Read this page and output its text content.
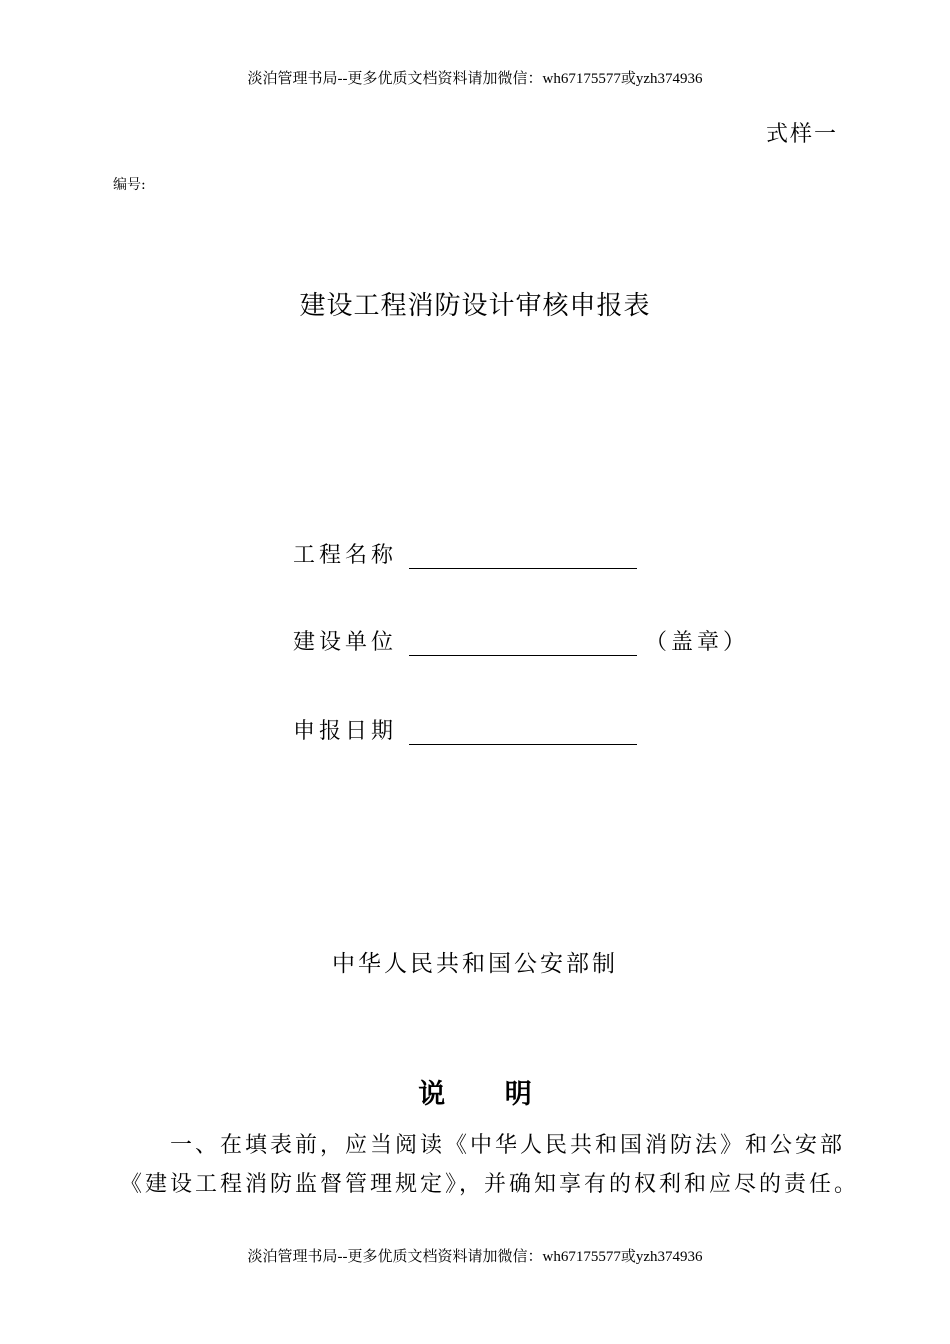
淡泊管理书局--更多优质文档资料请加微信：wh67175577或yzh374936
式样一
编号:
建设工程消防设计审核申报表
工程名称
建设单位	（盖章）
申报日期
中华人民共和国公安部制
说 明
一、在填表前，应当阅读《中华人民共和国消防法》和公安部
《建设工程消防监督管理规定》，并确知享有的权利和应尽的责任。
淡泊管理书局--更多优质文档资料请加微信：wh67175577或yzh374936
